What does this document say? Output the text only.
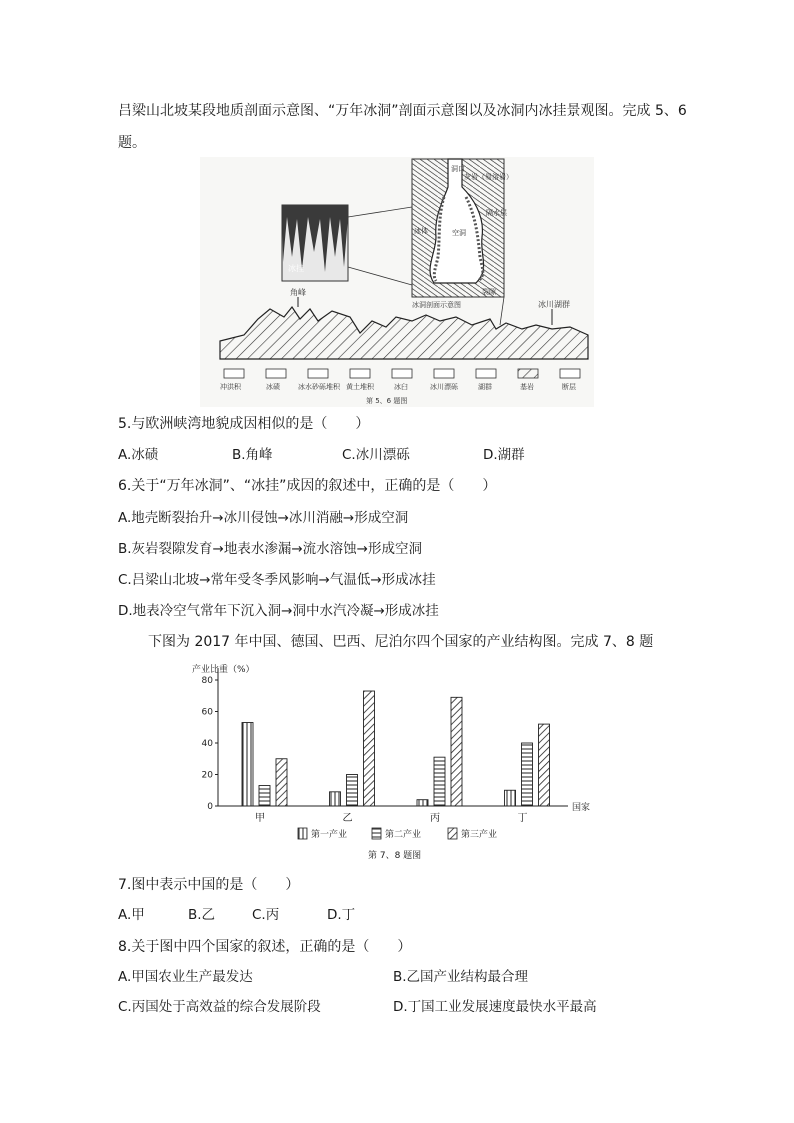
吕梁山北坡某段地质剖面示意图、“万年冰洞”剖面示意图以及冰洞内冰挂景观图。完成 5、6
题。
冰挂
洞口
灰岩（易溶岩）
隔水层
冰体	空洞
裂隙
冰洞剖面示意图
角峰
冰川湖群
冲洪积	冰碛	冰水砂砾堆积 黄土堆积	冰臼	冰川漂砾	湖群	基岩	断层
第 5、6 题图
5.与欧洲峡湾地貌成因相似的是（　　）
A.冰碛	B.角峰	C.冰川漂砾	D.湖群
6.关于“万年冰洞”、“冰挂”成因的叙述中，正确的是（　　）
A.地壳断裂抬升→冰川侵蚀→冰川消融→形成空洞
B.灰岩裂隙发育→地表水渗漏→流水溶蚀→形成空洞
C.吕梁山北坡→常年受冬季风影响→气温低→形成冰挂
D.地表冷空气常年下沉入洞→洞中水汽冷凝→形成冰挂
下图为 2017 年中国、德国、巴西、尼泊尔四个国家的产业结构图。完成 7、8 题
产业比重（%）
0
20
40
60
80
国家
甲	乙	丙	丁
第一产业	第二产业	第三产业
第 7、8 题图
7.图中表示中国的是（　　）
A.甲	B.乙	C.丙	D.丁
8.关于图中四个国家的叙述，正确的是（　　）
A.甲国农业生产最发达	B.乙国产业结构最合理
C.丙国处于高效益的综合发展阶段	D.丁国工业发展速度最快水平最高
